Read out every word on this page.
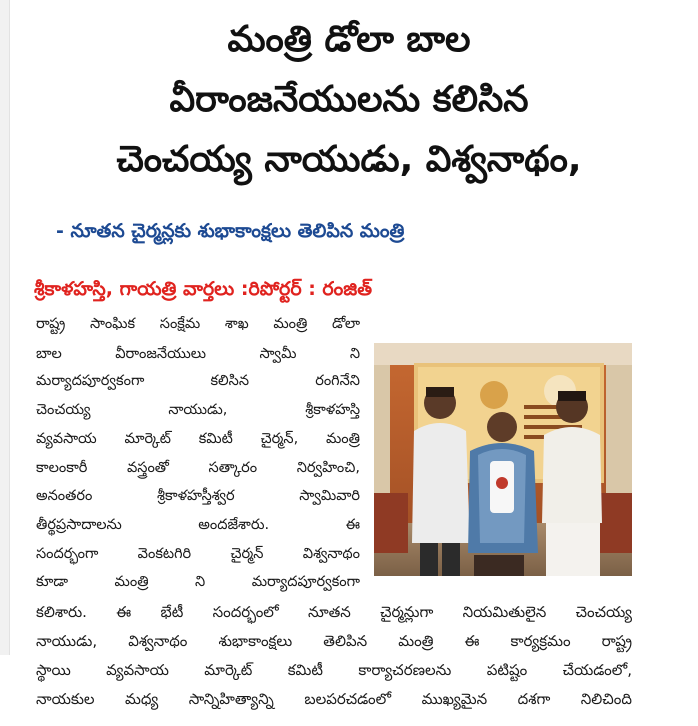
మంత్రి డోలా బాల
వీరాంజనేయులను కలిసిన
చెంచయ్య నాయుడు, విశ్వనాథం,
- నూతన చైర్మన్లకు శుభాకాంక్షలు తెలిపిన మంత్రి
శ్రీకాళహస్తి, గాయత్రి వార్తలు :రిపోర్టర్ : రంజిత్
రాష్ట్ర సాంఘిక సంక్షేమ శాఖ మంత్రి డోలా
బాల వీరాంజనేయులు స్వామీ ని
మర్యాదపూర్వకంగా కలిసిన రంగినేని
చెంచయ్య నాయుడు, శ్రీకాళహస్తి
వ్యవసాయ మార్కెట్ కమిటీ చైర్మన్, మంత్రి
కాలంకారీ వస్త్రంతో సత్కారం నిర్వహించి,
అనంతరం శ్రీకాళహస్తీశ్వర స్వామివారి
తీర్థప్రసాదాలను అందజేశారు. ఈ
సందర్భంగా వెంకటగిరి చైర్మన్ విశ్వనాథం
కూడా మంత్రి ని మర్యాదపూర్వకంగా
కలిశారు. ఈ భేటీ సందర్భంలో నూతన చైర్మన్లుగా నియమితులైన చెంచయ్య
నాయుడు, విశ్వనాథం శుభాకాంక్షలు తెలిపిన మంత్రి ఈ కార్యక్రమం రాష్ట్ర
స్థాయి వ్యవసాయ మార్కెట్ కమిటీ కార్యాచరణలను పటిష్టం చేయడంలో,
నాయకుల మధ్య సాన్నిహిత్యాన్ని బలపరచడంలో ముఖ్యమైన దశగా నిలిచింది
